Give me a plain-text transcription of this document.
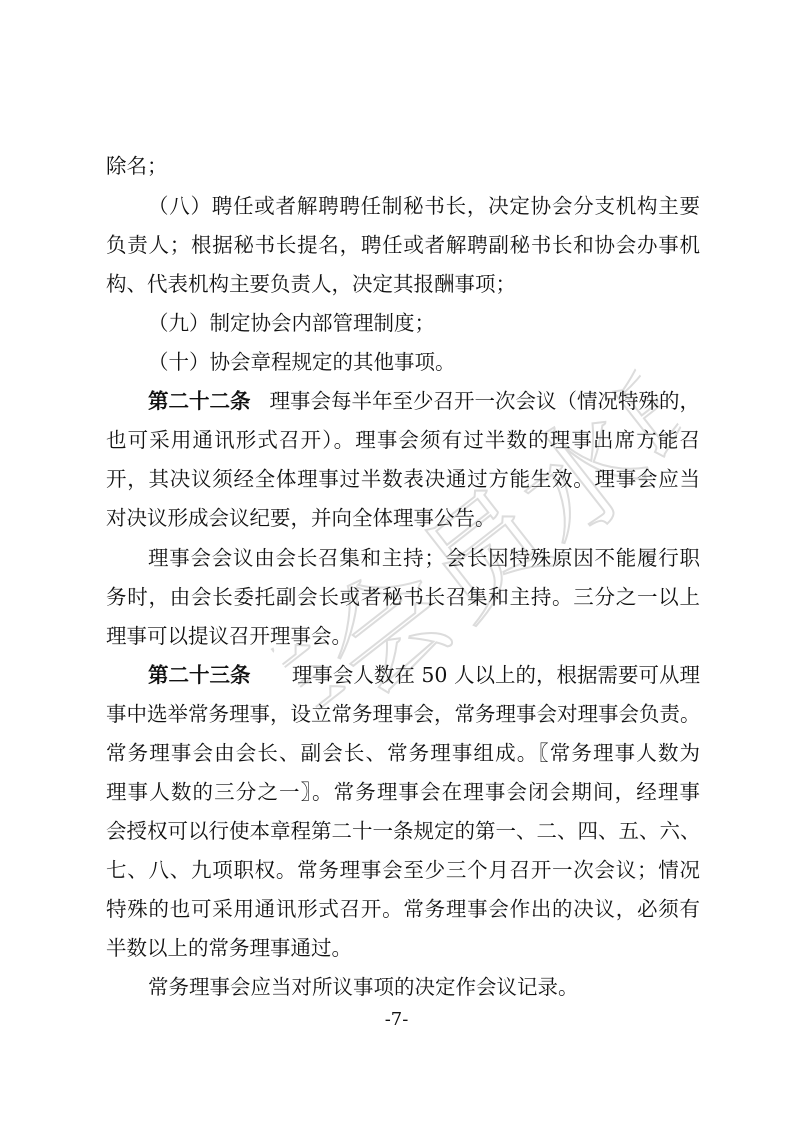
非会员水印
除名；
（八）聘任或者解聘聘任制秘书长，决定协会分支机构主要
负责人；根据秘书长提名，聘任或者解聘副秘书长和协会办事机
构、代表机构主要负责人，决定其报酬事项；
（九）制定协会内部管理制度；
（十）协会章程规定的其他事项。
第二十二条 理事会每半年至少召开一次会议（情况特殊的，
也可采用通讯形式召开）。理事会须有过半数的理事出席方能召
开，其决议须经全体理事过半数表决通过方能生效。理事会应当
对决议形成会议纪要，并向全体理事公告。
理事会会议由会长召集和主持；会长因特殊原因不能履行职
务时，由会长委托副会长或者秘书长召集和主持。三分之一以上
理事可以提议召开理事会。
第二十三条 理事会人数在 50 人以上的，根据需要可从理
事中选举常务理事，设立常务理事会，常务理事会对理事会负责。
常务理事会由会长、副会长、常务理事组成。〖常务理事人数为
理事人数的三分之一〗。常务理事会在理事会闭会期间，经理事
会授权可以行使本章程第二十一条规定的第一、二、四、五、六、
七、八、九项职权。常务理事会至少三个月召开一次会议；情况
特殊的也可采用通讯形式召开。常务理事会作出的决议，必须有
半数以上的常务理事通过。
常务理事会应当对所议事项的决定作会议记录。
-7-
